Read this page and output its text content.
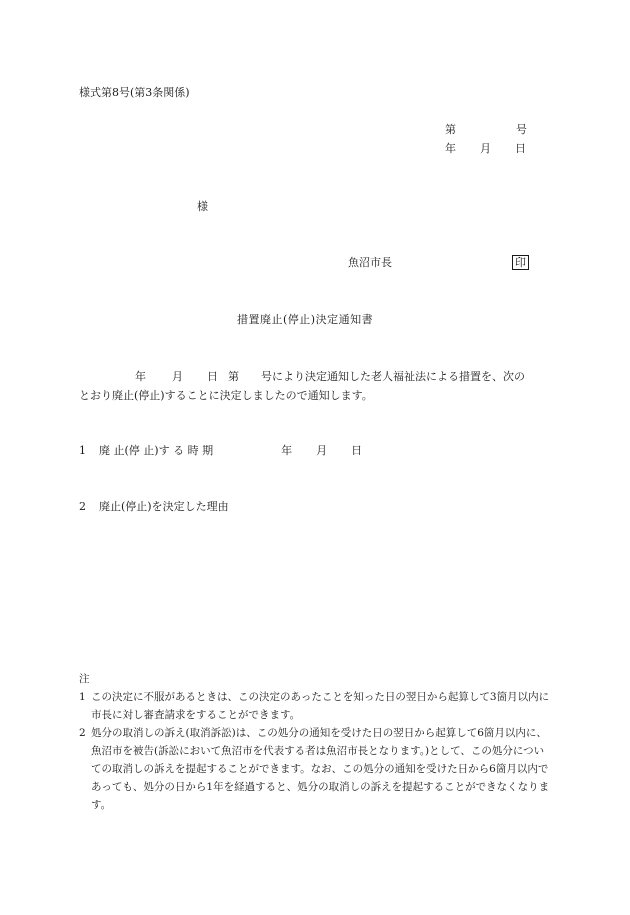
様式第8号(第3条関係)
第	号
年 月 日
様
魚沼市長	印
措置廃止(停止)決定通知書
年 月 日 第 号により決定通知した老人福祉法による措置を、次の
とおり廃止(停止)することに決定しましたので通知します。
1 廃 止(停 止)す る 時 期	年 月 日
2 廃止(停止)を決定した理由
注
1 この決定に不服があるときは、この決定のあったことを知った日の翌日から起算して3箇月以内に市長に対し審査請求をすることができます。
2 処分の取消しの訴え(取消訴訟)は、この処分の通知を受けた日の翌日から起算して6箇月以内に、魚沼市を被告(訴訟において魚沼市を代表する者は魚沼市長となります。)として、この処分についての取消しの訴えを提起することができます。なお、この処分の通知を受けた日から6箇月以内であっても、処分の日から1年を経過すると、処分の取消しの訴えを提起することができなくなります。
